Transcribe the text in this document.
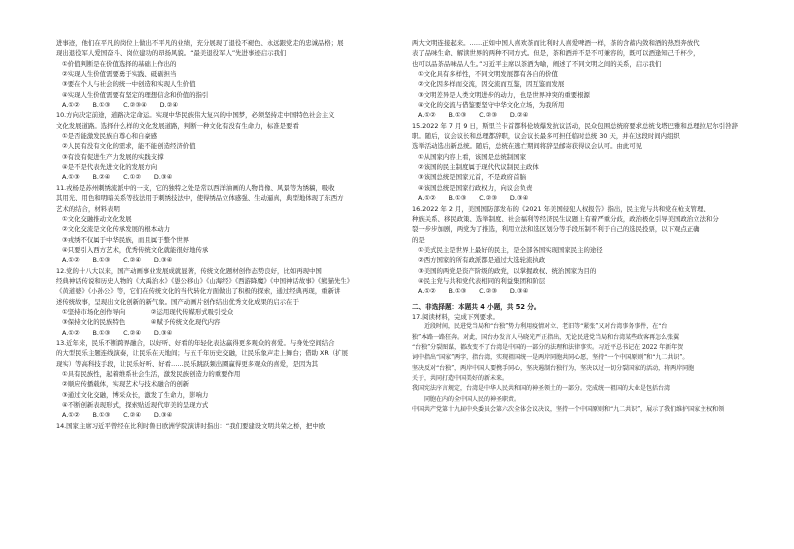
进事迹，他们在平凡的岗位上做出不平凡的业绩，充分展现了退役不褪色、永远跟党走的忠诚品格；展
现出退役军人爱国奋斗、岗位建功的昂扬风貌。“最美退役军人”先进事迹启示我们
①价值判断是在价值选择的基础上作出的
②实现人生价值需要勇于实践、砥砺担当
③要在个人与社会的统一中创造和实现人生价值
④实现人生价值需要有坚定的理想信念和价值的指引
A.①②　　B.①③　　C.②③④　　D.②④
10.方向决定前途，道路决定命运。实现中华民族伟大复兴的中国梦，必须坚持走中国特色社会主义
文化发展道路。选择什么样的文化发展道路，判断一种文化有没有生命力，标准是要看
①是否能激发民族自尊心和自豪感
②人民有没有文化的需求，能不能创造经济价值
③有没有促进生产力发展的实践支撑
④是不是代表先进文化的发展方向
A.①③　　B.②④　　C.①②　　D.③④
11.戎杨是苏州刺绣流派中的一支，它的独特之处是常以西洋油画的人物肖像、风景等为绣稿，吸收
其用光、用色和明暗关系等技法用于刺绣技法中，使得绣品立体感强、生动逼真，典型地体现了东西方
艺术的结合，材料表明
①文化交融推动文化发展
②文化交流是文化传承发展的根本动力
③戎绣不仅属于中华民族，而且属于整个世界
④只要引入西方艺术，优秀传统文化就能很好地传承
A.①②　　B.①③　　C.②④　　D.③④
12.党的十八大以来，国产动画事业发展成就显著，传统文化题材创作态势良好，比如再现中国
经典神话传说和历史人物的《大禹治水》《愚公移山》《山海经》《西游降魔》《中国神话故事》《熊猫先生》
《黄道婆》《小孙公》等，它们在传统文化的当代转化方面做出了积极的探索，通过经典再现，重新讲
述传统故事，呈现出文化创新的新气象。国产动画片创作结出优秀文化成果的启示在于
①坚持市场化创作导向　　　　②运用现代传媒形式吸引受众
③保持文化的民族特色　　　　④赋予传统文化现代内容
A.①②　　B.①③　　C.②④　　D.③④
13.近年来，民乐不断跨界融合，以好听、好看的年轻化表达赢得更多观众的喜爱。与身处空间结合
的大型民乐主题连线演奏，让民乐在天地间；与五千年历史交融，让民乐象声走上舞台；借助 XR（扩展
现实）等高科技手段，让民乐好听、好看……民乐跳跃频出圈赢得更多观众的喜爱，是因为其
①具有民族性，起着维系社会生活，激发民族创造力的重要作用
②顺应传播载体，实现艺术与技术融合的创新
③通过文化交融，博采众长，激发了生命力，影响力
④不断创新表现形式，探索贴近现代审美的呈现方式
A.①②　　B.①③　　C.②④　　D.③④
14.国家主席习近平曾经在比利时鲁日欧洲学院演讲时指出：“我们要建设文明共荣之桥，把中欧
两大文明连接起来。……正如中国人喜欢茶而比利时人喜爱啤酒一样，茶的含蓄内敛和酒的热烈奔放代
表了品味生命、解读世界的两种不同方式。但是，茶和酒并不是不可兼容的，既可以酒逢知己千杯少，
也可以品茶品味品人生。”习近平主席以茶酒为喻，阐述了不同文明之间的关系，启示我们
①文化具有多样性，不同文明发展都有各自的价值
②文化因多样而交流，因交流而互鉴，因互鉴而发展
③文明差异是人类文明进步的动力，也是世界冲突的重要根源
④文化的交流与借鉴要坚守中华文化立场，为我所用
A.①②　　B.①③　　C.②③　　D.②④
15.2022 年 7 月 9 日，斯里兰卡首都科伦坡爆发抗议活动，民众包围总统府要求总统戈塔巴雅和总理拉尼尔引咎辞
职。随后，议会议长和总理都辞职，议会议长最多可担任临时总统 30 天，并在这段时间内组织
选举活动选出新总统。随后，总统在逃亡期间将辞呈邮寄获得议会认可。由此可见
①从国家内容上看，该国是总统制国家
②该国的民主制度属于现代代议制民主政体
③该国总统是国家元首，不是政府首脑
④该国总统是国家行政权力，向议会负责
A.①②　　B.①③　　C.②③　　D.③④
16.2022 年 2 月，美国国防部发布的《2021 年美国侵犯人权报告》指出，民主党与共和党在枪支管理、
种族关系、移民政策、选举制度、社会福利等经济民生议题上有着严重分歧，政治极化引导美国政治立法和分
裂一步步加剧，两党为了推选，利用立法和选区划分等手段压制不利于自己的选民投票，以下观点正确
的是
①美式民主是世界上最好的民主，是全部各国实现国家民主的途径
②西方国家的所有政派都是通过大选轮流执政
③美国的两党是资产阶级的政党，以掌握政权、统治国家为目的
④民主党与共和党代表相同的利益集团和阶层
A.①②　　B.①③　　C.②③　　D.③④
二、非选择题：本题共 4 小题，共 52 分。
17.阅读材料，完成下列要求。
近段时间，民进党当局和“台独”势力利用疫情对立、老旧等“紧张”又对台湾事务事件，在“台
独”本路一路狂奔。对此，国台办发言人马晓光严正指出，无论民进党当局和台湾某些政客再怎么张翼
“台独”分裂图谋，都改变不了台湾是中国的一部分的法理和法律事实。习近平总书记在 2022 年新年贺
词中指出“国家”两字，指台湾，实现祖国统一是两岸同胞共同心愿，坚持“一个中国原则”和“九二共识”。
坚决反对“台独”，两岸中国人要携手同心，坚决遏制台独行为，坚决以过一切分裂国家的活动，将两岸同胞
关于，共同打造中国美好的新未来。
我国宪法序言规定，台湾是中华人民共和国的神圣领土的一部分。完成统一祖国的大业是包括台湾
同胞在内的全中国人民的神圣职责。
中国共产党第十九届中央委员会第六次全体会议决议，坚持一个中国原则和“九二共识”，展示了我们维护国家主权和领
